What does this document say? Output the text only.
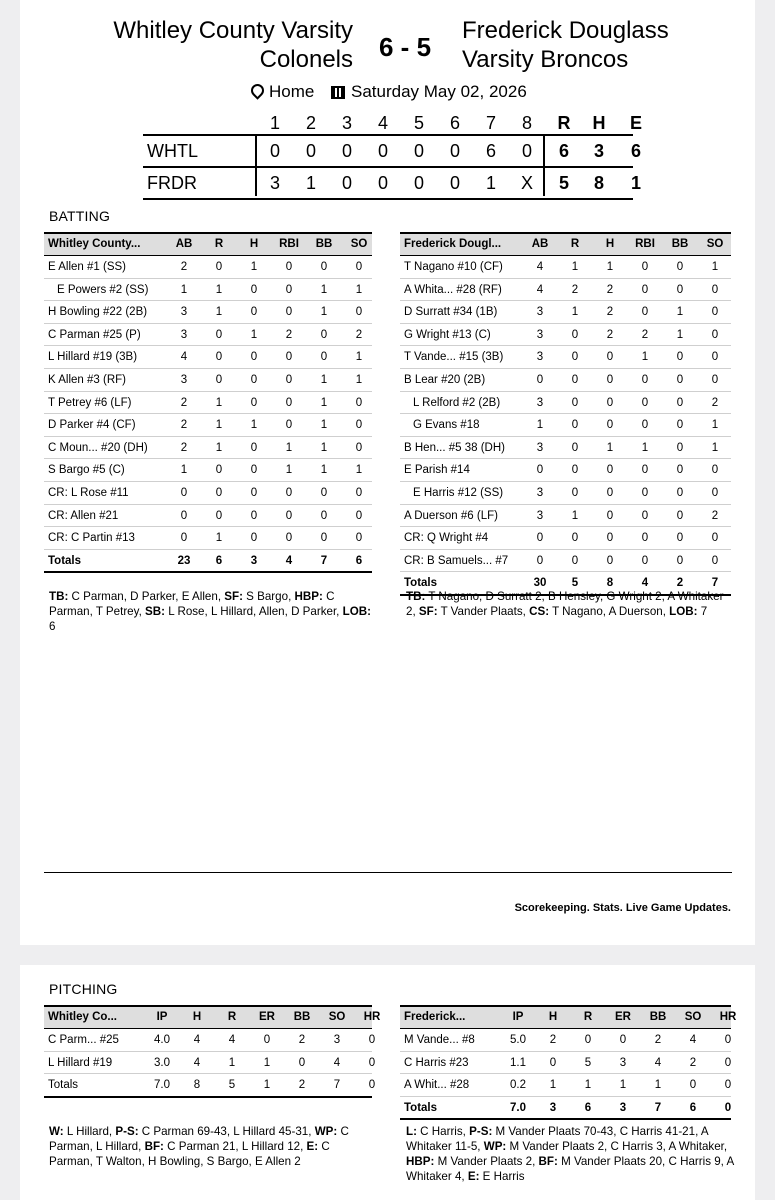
Whitley County Varsity
Colonels 6 - 5
Frederick Douglass
Varsity Broncos
Home Saturday May 02, 2026
1 2 3 4 5 6 7 8 R H E
WHTL	0 0 0 0 0 0 6 0 6 3 6
FRDR	3 1 0 0 0 0 1 X 5 8 1
BATTING
Whitley County...	AB	R	H	RBI	BB	SO
E Allen #1 (SS)	2	0	1	0	0	0
E Powers #2 (SS)	1	1	0	0	1	1
H Bowling #22 (2B)	3	1	0	0	1	0
C Parman #25 (P)	3	0	1	2	0	2
L Hillard #19 (3B)	4	0	0	0	0	1
K Allen #3 (RF)	3	0	0	0	1	1
T Petrey #6 (LF)	2	1	0	0	1	0
D Parker #4 (CF)	2	1	1	0	1	0
C Moun... #20 (DH)	2	1	0	1	1	0
S Bargo #5 (C)	1	0	0	1	1	1
CR: L Rose #11	0	0	0	0	0	0
CR: Allen #21	0	0	0	0	0	0
CR: C Partin #13	0	1	0	0	0	0
Totals	23	6	3	4	7	6
Frederick Dougl...	AB	R	H	RBI	BB	SO
T Nagano #10 (CF)	4	1	1	0	0	1
A Whita... #28 (RF)	4	2	2	0	0	0
D Surratt #34 (1B)	3	1	2	0	1	0
G Wright #13 (C)	3	0	2	2	1	0
T Vande... #15 (3B)	3	0	0	1	0	0
B Lear #20 (2B)	0	0	0	0	0	0
L Relford #2 (2B)	3	0	0	0	0	2
G Evans #18	1	0	0	0	0	1
B Hen... #5 38 (DH)	3	0	1	1	0	1
E Parish #14	0	0	0	0	0	0
E Harris #12 (SS)	3	0	0	0	0	0
A Duerson #6 (LF)	3	1	0	0	0	2
CR: Q Wright #4	0	0	0	0	0	0
CR: B Samuels... #7	0	0	0	0	0	0
Totals	30	5	8	4	2	7
TB: C Parman, D Parker, E Allen, SF: S Bargo, HBP: C Parman, T Petrey, SB: L Rose, L Hillard, Allen, D Parker, LOB: 6
TB: T Nagano, D Surratt 2, B Hensley, G Wright 2, A Whitaker 2, SF: T Vander Plaats, CS: T Nagano, A Duerson, LOB: 7
Scorekeeping. Stats. Live Game Updates.
PITCHING
Whitley Co...	IP	H	R	ER	BB	SO	HR
C Parm... #25	4.0	4	4	0	2	3	0
L Hillard #19	3.0	4	1	1	0	4	0
Totals	7.0	8	5	1	2	7	0
Frederick...	IP	H	R	ER	BB	SO	HR
M Vande... #8	5.0	2	0	0	2	4	0
C Harris #23	1.1	0	5	3	4	2	0
A Whit... #28	0.2	1	1	1	1	0	0
Totals	7.0	3	6	3	7	6	0
W: L Hillard, P-S: C Parman 69-43, L Hillard 45-31, WP: C Parman, L Hillard, BF: C Parman 21, L Hillard 12, E: C Parman, T Walton, H Bowling, S Bargo, E Allen 2
L: C Harris, P-S: M Vander Plaats 70-43, C Harris 41-21, A Whitaker 11-5, WP: M Vander Plaats 2, C Harris 3, A Whitaker, HBP: M Vander Plaats 2, BF: M Vander Plaats 20, C Harris 9, A Whitaker 4, E: E Harris
